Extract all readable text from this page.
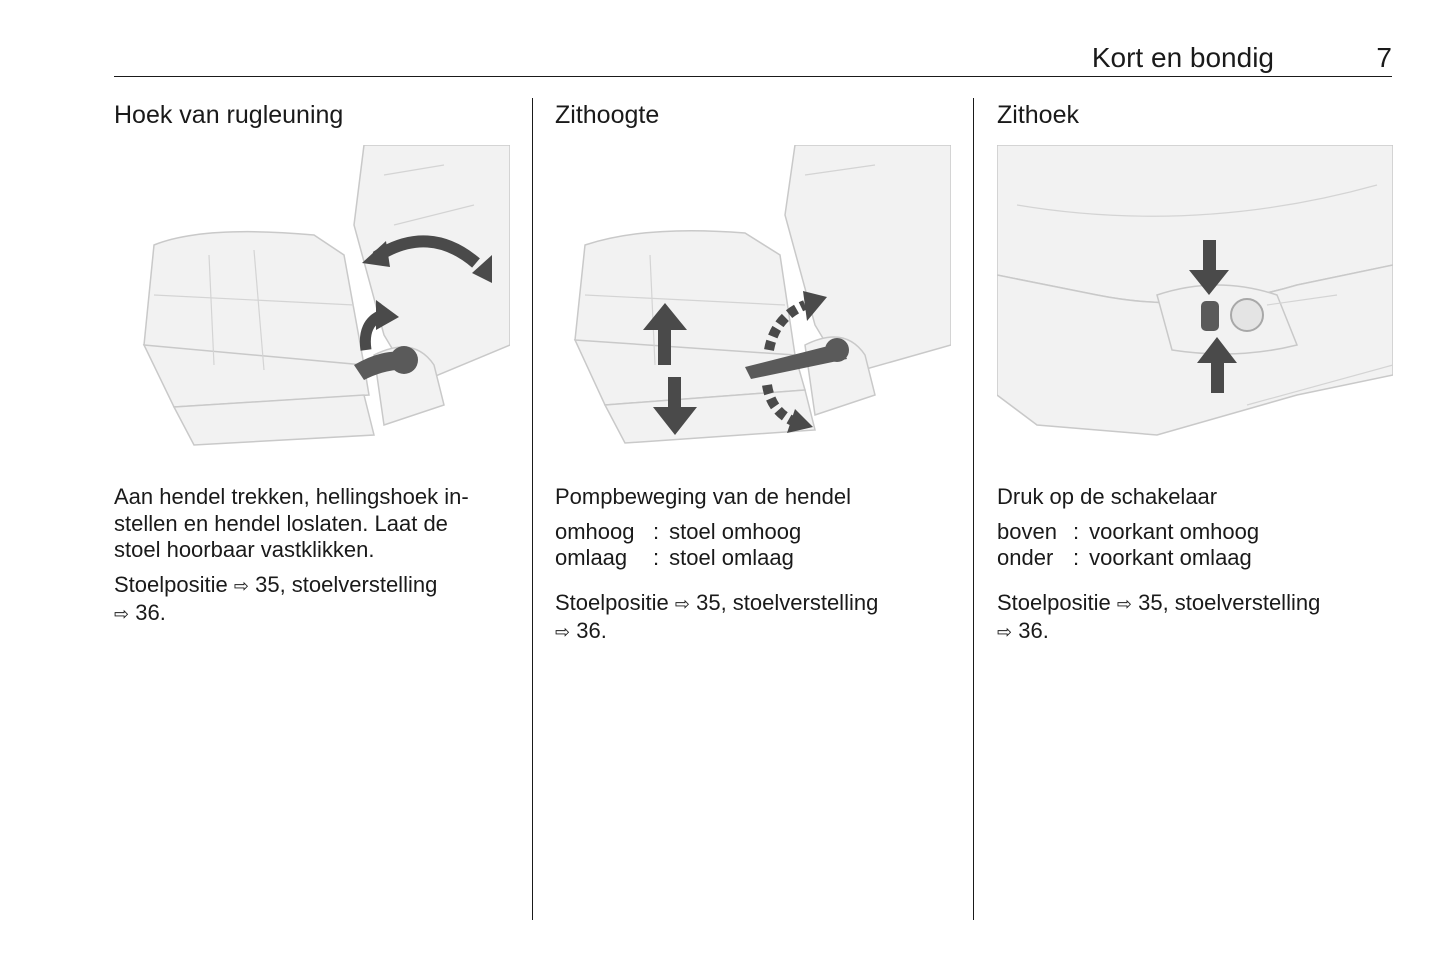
Kort en bondig	7
Hoek van rugleuning

Aan hendel trekken, hellingshoek in-
stellen en hendel loslaten. Laat de
stoel hoorbaar vastklikken.

Stoelpositie ⇨ 35, stoelverstelling
⇨ 36.

Zithoogte

Pompbeweging van de hendel

omhoog : stoel omhoog
omlaag	: stoel omlaag

Stoelpositie ⇨ 35, stoelverstelling
⇨ 36.

Zithoek

Druk op de schakelaar

boven : voorkant omhoog
onder : voorkant omlaag

Stoelpositie ⇨ 35, stoelverstelling
⇨ 36.
